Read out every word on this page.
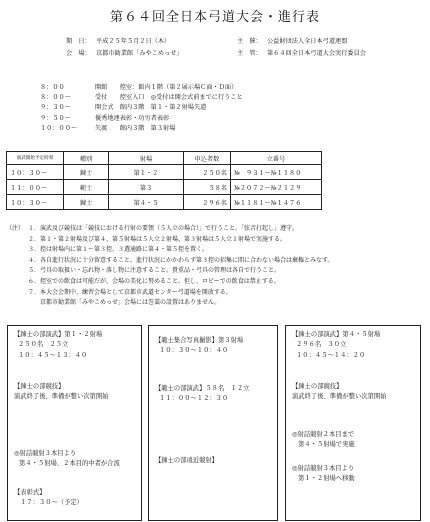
第６４回全日本弓道大会・進行表
期　日： 平成２５年５月２日（木）
会　場： 京都市勧業館「みやこめっせ」
主　催： 公益財団法人全日本弓道連盟
主　管： 第６４回全日本弓道大会実行委員会
８：００	開館　　控室：館内１階（第２展示場Ｃ面・Ｄ面）
８：００～	受付　　控室入口　◎受付は開会式前までに行うこと
９：３０～	開会式　館内３階　第１・第２射場矢道
９：５０～	優秀地連表彰・功労者表彰
１０：００～	矢渡　　館内３階　第３射場
演武開始予定時刻	種別	射場	申込者数	立番号
１０：３０～	錬士	第１・２	２５０名	№　９３１～№１１８０
１１：００～	範士	第３	５８名	№２０７２～№２１２９
１０：３０～	錬士	第４・５	２９６名	№１１８１～№１４７６
（注） １．演武及び競技は「競技における行射の要領（５人立の場合）」で行うこと。「弦音打起し」遵守。
２．第１・第２射場及び第４、第５射場は５人立２射場、第３射場は５人立１射場で実施する。
３．控は射場内に第１～第３控、３選通路に第４・第５控を置く。
４．各自進行状況に十分留意すること。進行状況にかかわらず第３控の招集に間に合わない場合は棄権とみなす。
５．弓具の取扱い・忘れ物・落し物に注意すること。貴重品・弓具の管理は各自で行うこと。
６．控室での飲食は可能だが、会場の美化に努めること。但し、ロビーでの飲食は禁止する。
７．本大会会期中、練習会場として京都市武道センター弓道場を開放する。
京都市勧業館「みやこめっせ」会場には巻藁の設置はありません。
【錬士の部演武】第１・２射場
２５０名　２５立
１０：４５～１３：４０
【錬士の部競技】
演武終了後、準備が整い次第開始
◎射詰競射３本目より
第４・５射場、２本目的中者が合流
【表彰式】
１７：３０～（予定）
【範士集合写真撮影】第３射場
１０：３０～１０：４０
【範士の部演武】５８名　１２立
１１：００～１２：３０
【錬士の部遠近競射】
【錬士の部演武】第４・５射場
２９６名　３０立
１０：４５～１４：２０
【錬士の部競技】
演武終了後、準備が整い次第開始
◎射詰競射２本目まで
第４・５射場で実施
◎射詰競射３本目より
第１・２射場へ移動
